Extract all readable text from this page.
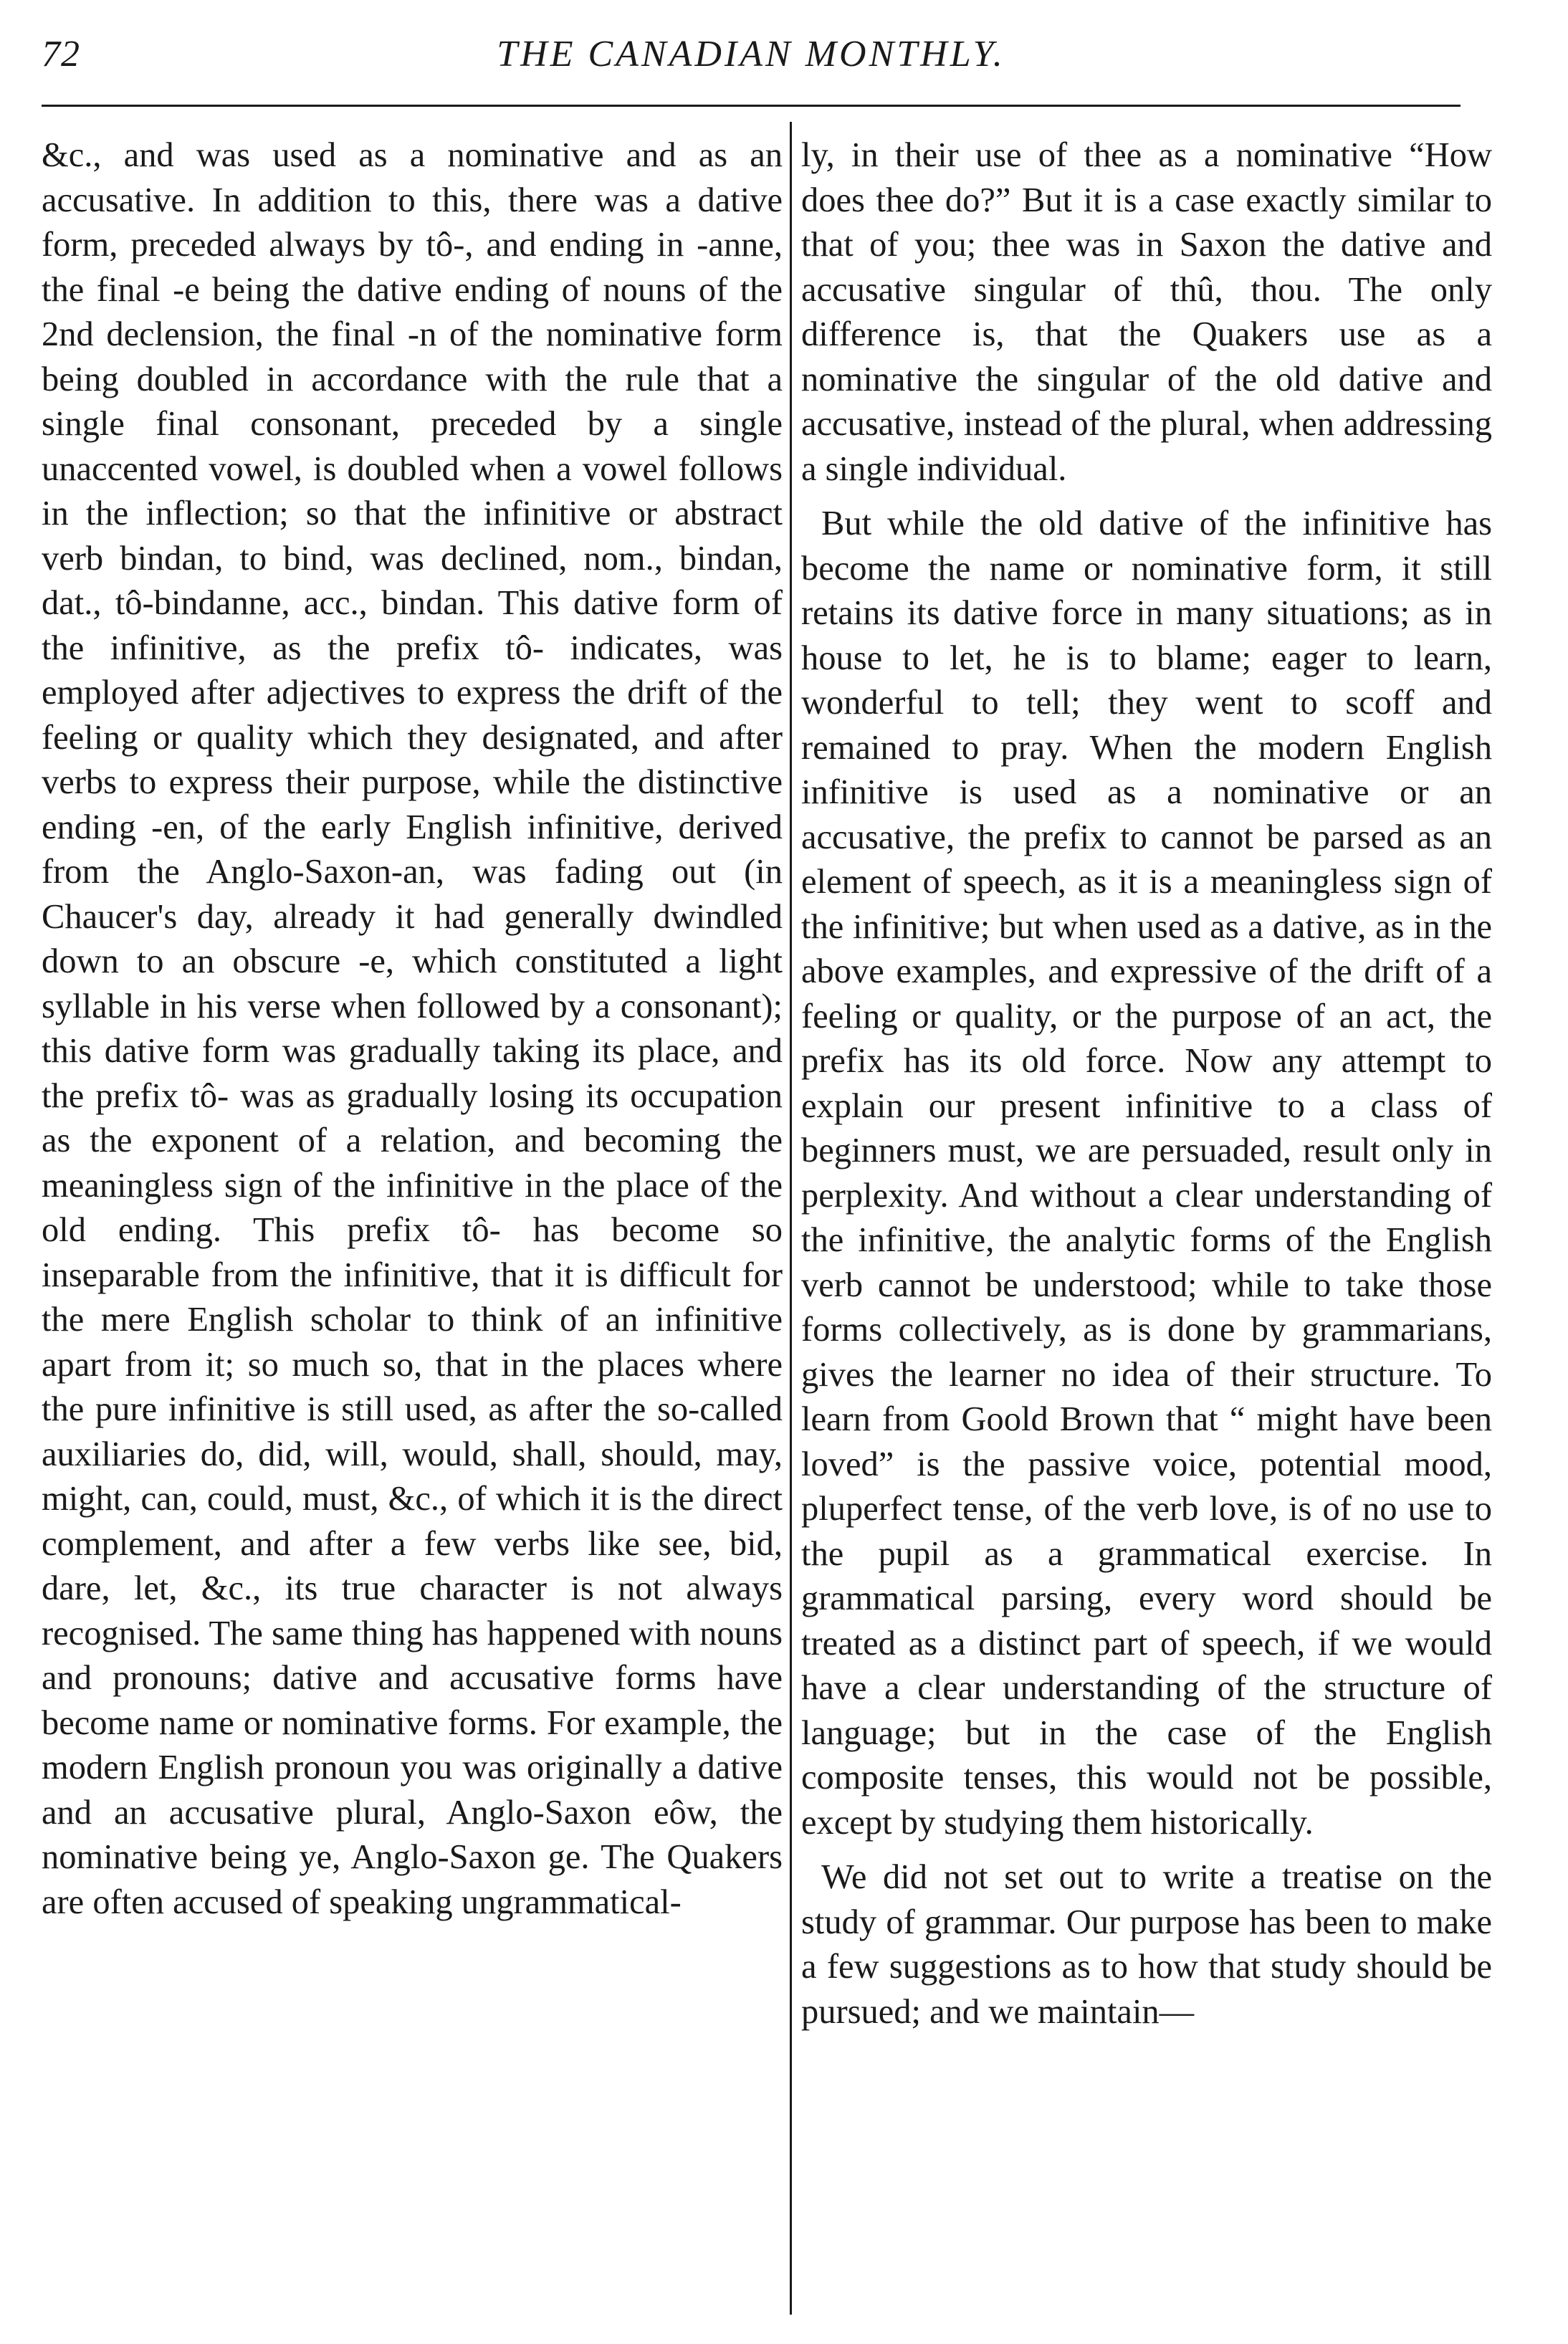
72	THE CANADIAN MONTHLY.

&c., and was used as a nominative and as an accusative. In addition to this, there was a dative form, preceded always by tô-, and ending in -anne, the final -e being the dative ending of nouns of the 2nd declension, the final -n of the nominative form being doubled in accordance with the rule that a single final consonant, preceded by a single unaccented vowel, is doubled when a vowel follows in the inflection; so that the infinitive or abstract verb bindan, to bind, was declined, nom., bindan, dat., tô-bindanne, acc., bindan. This dative form of the infinitive, as the prefix tô- indicates, was employed after adjectives to express the drift of the feeling or quality which they designated, and after verbs to express their purpose, while the distinctive ending -en, of the early English infinitive, derived from the Anglo-Saxon-an, was fading out (in Chaucer's day, already it had generally dwindled down to an obscure -e, which constituted a light syllable in his verse when followed by a consonant); this dative form was gradually taking its place, and the prefix tô- was as gradually losing its occupation as the exponent of a relation, and becoming the meaningless sign of the infinitive in the place of the old ending. This prefix tô- has become so inseparable from the infinitive, that it is difficult for the mere English scholar to think of an infinitive apart from it; so much so, that in the places where the pure infinitive is still used, as after the so-called auxiliaries do, did, will, would, shall, should, may, might, can, could, must, &c., of which it is the direct complement, and after a few verbs like see, bid, dare, let, &c., its true character is not always recognised. The same thing has happened with nouns and pronouns; dative and accusative forms have become name or nominative forms. For example, the modern English pronoun you was originally a dative and an accusative plural, Anglo-Saxon eôw, the nominative being ye, Anglo-Saxon ge. The Quakers are often accused of speaking ungrammatical-

ly, in their use of thee as a nominative “How does thee do?” But it is a case exactly similar to that of you; thee was in Saxon the dative and accusative singular of thû, thou. The only difference is, that the Quakers use as a nominative the singular of the old dative and accusative, instead of the plural, when addressing a single individual.

But while the old dative of the infinitive has become the name or nominative form, it still retains its dative force in many situations; as in house to let, he is to blame; eager to learn, wonderful to tell; they went to scoff and remained to pray. When the modern English infinitive is used as a nominative or an accusative, the prefix to cannot be parsed as an element of speech, as it is a meaningless sign of the infinitive; but when used as a dative, as in the above examples, and expressive of the drift of a feeling or quality, or the purpose of an act, the prefix has its old force. Now any attempt to explain our present infinitive to a class of beginners must, we are persuaded, result only in perplexity. And without a clear understanding of the infinitive, the analytic forms of the English verb cannot be understood; while to take those forms collectively, as is done by grammarians, gives the learner no idea of their structure. To learn from Goold Brown that “ might have been loved” is the passive voice, potential mood, pluperfect tense, of the verb love, is of no use to the pupil as a grammatical exercise. In grammatical parsing, every word should be treated as a distinct part of speech, if we would have a clear understanding of the structure of language; but in the case of the English composite tenses, this would not be possible, except by studying them historically.

We did not set out to write a treatise on the study of grammar. Our purpose has been to make a few suggestions as to how that study should be pursued; and we maintain—
